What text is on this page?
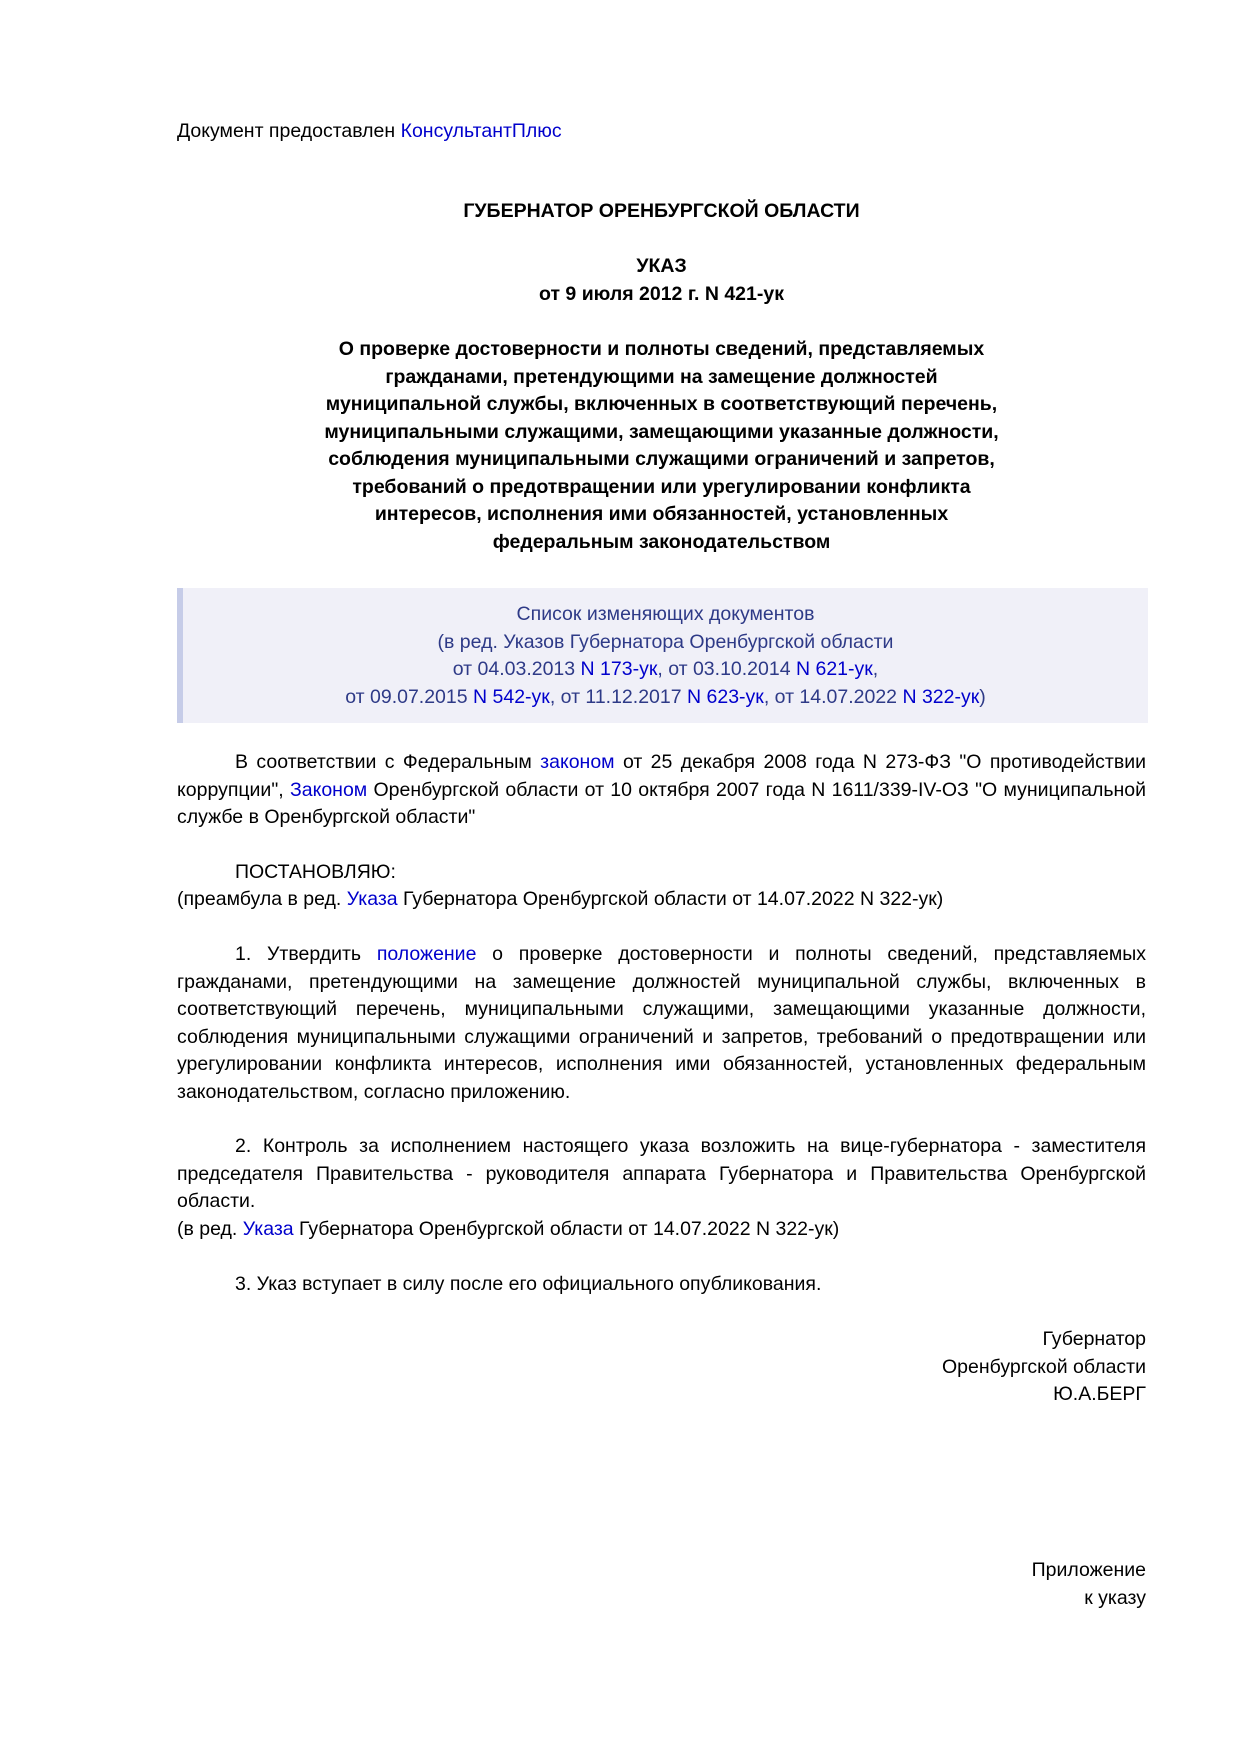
Документ предоставлен КонсультантПлюс

ГУБЕРНАТОР ОРЕНБУРГСКОЙ ОБЛАСТИ

УКАЗ
от 9 июля 2012 г. N 421-ук
О проверке достоверности и полноты сведений, представляемых
гражданами, претендующими на замещение должностей
муниципальной службы, включенных в соответствующий перечень,
муниципальными служащими, замещающими указанные должности,
соблюдения муниципальными служащими ограничений и запретов,
требований о предотвращении или урегулировании конфликта
интересов, исполнения ими обязанностей, установленных
федеральным законодательством
Список изменяющих документов
(в ред. Указов Губернатора Оренбургской области
от 04.03.2013 N 173-ук, от 03.10.2014 N 621-ук,
от 09.07.2015 N 542-ук, от 11.12.2017 N 623-ук, от 14.07.2022 N 322-ук)

В соответствии с Федеральным законом от 25 декабря 2008 года N 273-ФЗ "О противодействии коррупции", Законом Оренбургской области от 10 октября 2007 года N 1611/339-IV-ОЗ "О муниципальной службе в Оренбургской области"

ПОСТАНОВЛЯЮ:

(преамбула в ред. Указа Губернатора Оренбургской области от 14.07.2022 N 322-ук)

1. Утвердить положение о проверке достоверности и полноты сведений, представляемых гражданами, претендующими на замещение должностей муниципальной службы, включенных в соответствующий перечень, муниципальными служащими, замещающими указанные должности, соблюдения муниципальными служащими ограничений и запретов, требований о предотвращении или урегулировании конфликта интересов, исполнения ими обязанностей, установленных федеральным законодательством, согласно приложению.

2. Контроль за исполнением настоящего указа возложить на вице-губернатора - заместителя председателя Правительства - руководителя аппарата Губернатора и Правительства Оренбургской области.

(в ред. Указа Губернатора Оренбургской области от 14.07.2022 N 322-ук)

3. Указ вступает в силу после его официального опубликования.

Губернатор
Оренбургской области
Ю.А.БЕРГ
Приложение
к указу
